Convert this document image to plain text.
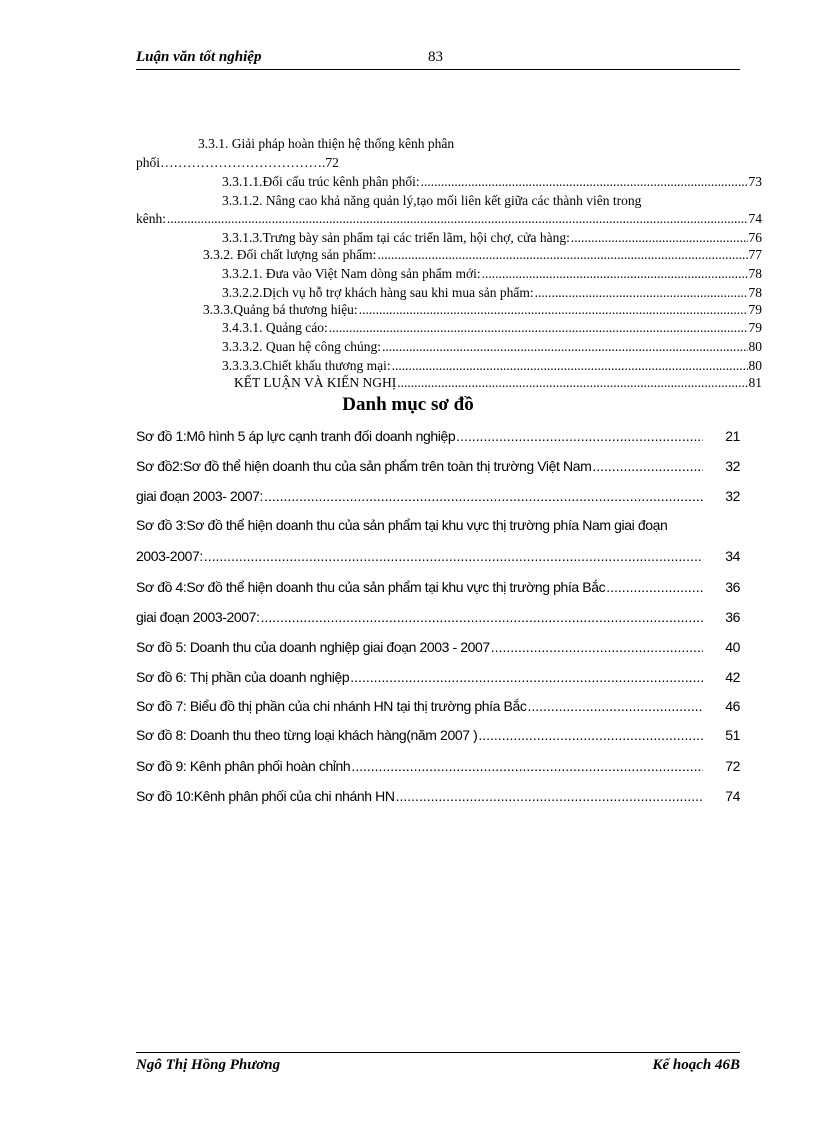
Luận văn tốt nghiệp	83
3.3.1. Giải pháp hoàn thiện hệ thống kênh phân
phối………………………………. 72
3.3.1.1.Đối cấu trúc kênh phân phối: .....	73
3.3.1.2. Nâng cao khả năng quản lý,tạo mối liên kết giữa các thành viên trong
kênh: .....	74
3.3.1.3.Trưng bày sản phẩm tại các triển lãm, hội chợ, cửa hàng: .....	76
3.3.2. Đối chất lượng sản phẩm: .....	77
3.3.2.1. Đưa vào Việt Nam dòng sản phẩm mới: .....	78
3.3.2.2.Dịch vụ hỗ trợ khách hàng sau khi mua sản phẩm: .....	78
3.3.3.Quảng bá thương hiệu: .....	79
3.4.3.1. Quảng cáo: .....	79
3.3.3.2. Quan hệ công chúng: .....	80
3.3.3.3.Chiết khấu thương mại: .....	80
KẾT LUẬN VÀ KIẾN NGHỊ .....	81
Danh mục sơ đồ
Sơ đồ 1:Mô hình 5 áp lực cạnh tranh đối doanh nghiệp .....	21
Sơ đồ2:Sơ đồ thể hiện doanh thu của sản phẩm trên toàn thị trường Việt Nam .....	32
giai đoạn 2003- 2007: .....	32
Sơ đồ 3:Sơ đồ thể hiện doanh thu của sản phẩm tại khu vực thị trường phía Nam giai đoạn
2003-2007: .....	34
Sơ đồ 4:Sơ đồ thể hiện doanh thu của sản phẩm tại khu vực thị trường phía Bắc .....	36
giai đoạn 2003-2007: .....	36
Sơ đồ 5: Doanh thu của doanh nghiệp giai đoạn 2003 - 2007 .....	40
Sơ đồ 6: Thị phần của doanh nghiệp .....	42
Sơ đồ 7: Biểu đồ thị phần của chi nhánh HN tại thị trường phía Bắc .....	46
Sơ đồ 8: Doanh thu theo từng loại khách hàng(năm 2007 ) .....	51
Sơ đồ 9: Kênh phân phối hoàn chỉnh .....	72
Sơ đồ 10:Kênh phân phối của chi nhánh HN .....	74
Ngô Thị Hồng Phương	Kế hoạch 46B
